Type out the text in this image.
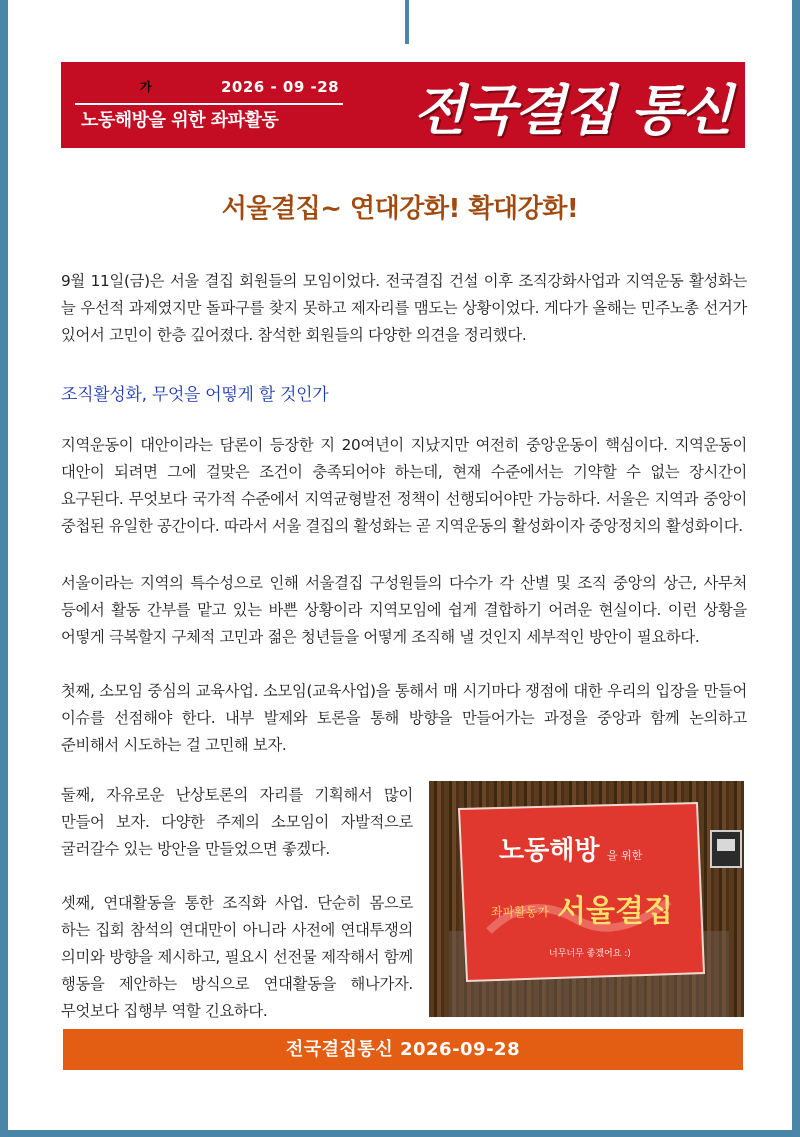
2026 - 09 -28
노동해방을 위한 좌파활동 전국결집 통신
가
서울결집~ 연대강화! 확대강화!

9월 11일(금)은 서울 결집 회원들의 모임이었다. 전국결집 건설 이후 조직강화사업과 지역운동 활성화는 늘 우선적 과제였지만 돌파구를 찾지 못하고 제자리를 맴도는 상황이었다. 게다가 올해는 민주노총 선거가 있어서 고민이 한층 깊어졌다. 참석한 회원들의 다양한 의견을 정리했다.

조직활성화, 무엇을 어떻게 할 것인가

지역운동이 대안이라는 담론이 등장한 지 20여년이 지났지만 여전히 중앙운동이 핵심이다. 지역운동이 대안이 되려면 그에 걸맞은 조건이 충족되어야 하는데, 현재 수준에서는 기약할 수 없는 장시간이 요구된다. 무엇보다 국가적 수준에서 지역균형발전 정책이 선행되어야만 가능하다. 서울은 지역과 중앙이 중첩된 유일한 공간이다. 따라서 서울 결집의 활성화는 곧 지역운동의 활성화이자 중앙정치의 활성화이다.

서울이라는 지역의 특수성으로 인해 서울결집 구성원들의 다수가 각 산별 및 조직 중앙의 상근, 사무처 등에서 활동 간부를 맡고 있는 바쁜 상황이라 지역모임에 쉽게 결합하기 어려운 현실이다. 이런 상황을 어떻게 극복할지 구체적 고민과 젊은 청년들을 어떻게 조직해 낼 것인지 세부적인 방안이 필요하다.

첫째, 소모임 중심의 교육사업. 소모임(교육사업)을 통해서 매 시기마다 쟁점에 대한 우리의 입장을 만들어 이슈를 선점해야 한다. 내부 발제와 토론을 통해 방향을 만들어가는 과정을 중앙과 함께 논의하고 준비해서 시도하는 걸 고민해 보자.

둘째, 자유로운 난상토론의 자리를 기획해서 많이 만들어 보자. 다양한 주제의 소모임이 자발적으로 굴러갈수 있는 방안을 만들었으면 좋겠다.

셋째, 연대활동을 통한 조직화 사업. 단순히 몸으로 하는 집회 참석의 연대만이 아니라 사전에 연대투쟁의 의미와 방향을 제시하고, 필요시 선전물 제작해서 함께 행동을 제안하는 방식으로 연대활동을 해나가자. 무엇보다 집행부 역할 긴요하다.

노동해방 을 위한
좌파활동가 서울결집
너무너무 좋겠어요 :)
전국결집통신 2026-09-28
